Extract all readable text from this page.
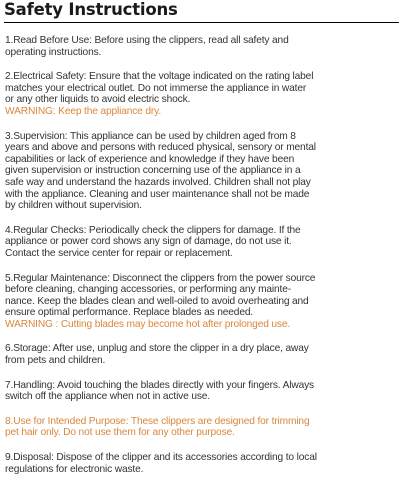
Safety Instructions
1.Read Before Use: Before using the clippers, read all safety and
operating instructions.
2.Electrical Safety: Ensure that the voltage indicated on the rating label
matches your electrical outlet. Do not immerse the appliance in water
or any other liquids to avoid electric shock.
WARNING: Keep the appliance dry.
3.Supervision: This appliance can be used by children aged from 8
years and above and persons with reduced physical, sensory or mental
capabilities or lack of experience and knowledge if they have been
given supervision or instruction concerning use of the appliance in a
safe way and understand the hazards involved. Children shall not play
with the appliance. Cleaning and user maintenance shall not be made
by children without supervision.
4.Regular Checks: Periodically check the clippers for damage. If the
appliance or power cord shows any sign of damage, do not use it.
Contact the service center for repair or replacement.
5.Regular Maintenance: Disconnect the clippers from the power source
before cleaning, changing accessories, or performing any mainte-
nance. Keep the blades clean and well-oiled to avoid overheating and
ensure optimal performance. Replace blades as needed.
WARNING : Cutting blades may become hot after prolonged use.
6.Storage: After use, unplug and store the clipper in a dry place, away
from pets and children.
7.Handling: Avoid touching the blades directly with your fingers. Always
switch off the appliance when not in active use.
8.Use for Intended Purpose: These clippers are designed for trimming
pet hair only. Do not use them for any other purpose.
9.Disposal: Dispose of the clipper and its accessories according to local
regulations for electronic waste.
